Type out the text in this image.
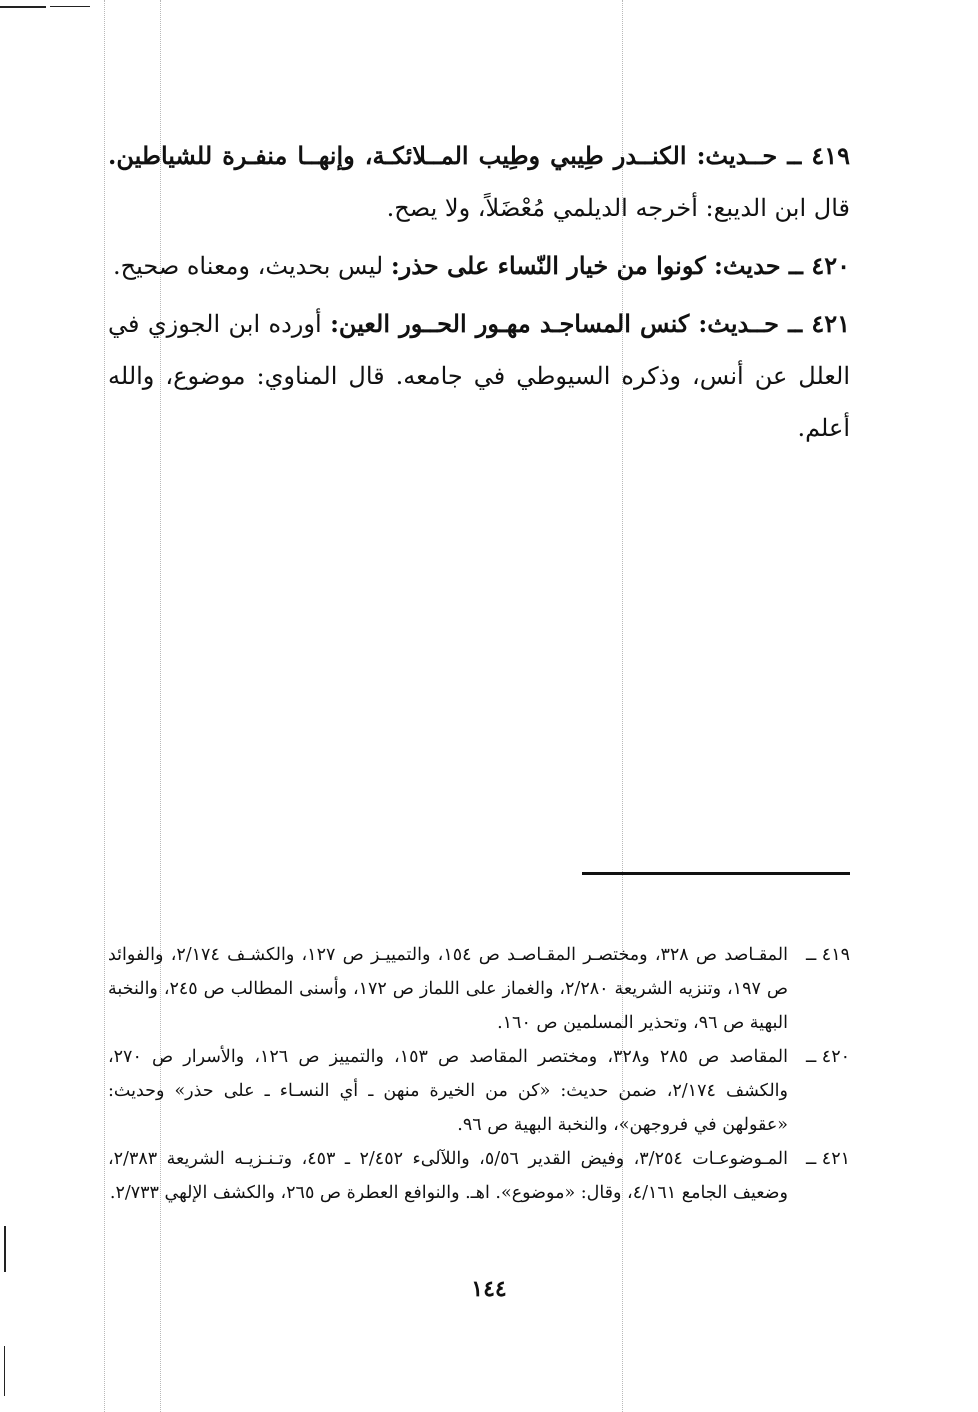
٤١٩ ــ حــديث: الكنــدر طِيبي وطِيب المــلائكـة، وإنهــا منفـرة للشياطين. قال ابن الديبع: أخرجه الديلمي مُعْضَلاً، ولا يصح.

٤٢٠ ــ حديث: كونوا من خيار النّساء على حذر: ليس بحديث، ومعناه صحيح.

٤٢١ ــ حــديث: كنس المساجـد مهـور الحــور العين: أورده ابن الجوزي في العلل عن أنس، وذكره السيوطي في جامعه. قال المناوي: موضوع، والله أعلم.

٤١٩ ــ
المقـاصد ص ٣٢٨، ومختصـر المقـاصـد ص ١٥٤، والتمييـز ص ١٢٧، والكشـف ٢/١٧٤، والفوائد ص ١٩٧، وتنزيه الشريعة ٢/٢٨٠، والغماز على اللماز ص ١٧٢، وأسنى المطالب ص ٢٤٥، والنخبة البهية ص ٩٦، وتحذير المسلمين ص ١٦٠.

٤٢٠ ــ
المقاصد ص ٢٨٥ و٣٢٨، ومختصر المقاصد ص ١٥٣، والتمييز ص ١٢٦، والأسرار ص ٢٧٠، والكشف ٢/١٧٤، ضمن حديث: «كن من الخيرة منهن ـ أي النسـاء ـ على حذر» وحديث: «عقولهن في فروجهن»، والنخبة البهية ص ٩٦.

٤٢١ ــ
المـوضوعـات ٣/٢٥٤، وفيض القدير ٥/٥٦، واللآلىء ٢/٤٥٢ ـ ٤٥٣، وتـنـزيـه الشريعة ٢/٣٨٣، وضعيف الجامع ٤/١٦١، وقال: «موضوع». اهـ. والنوافع العطرة ص ٢٦٥، والكشف الإلهي ٢/٧٣٣.

١٤٤
